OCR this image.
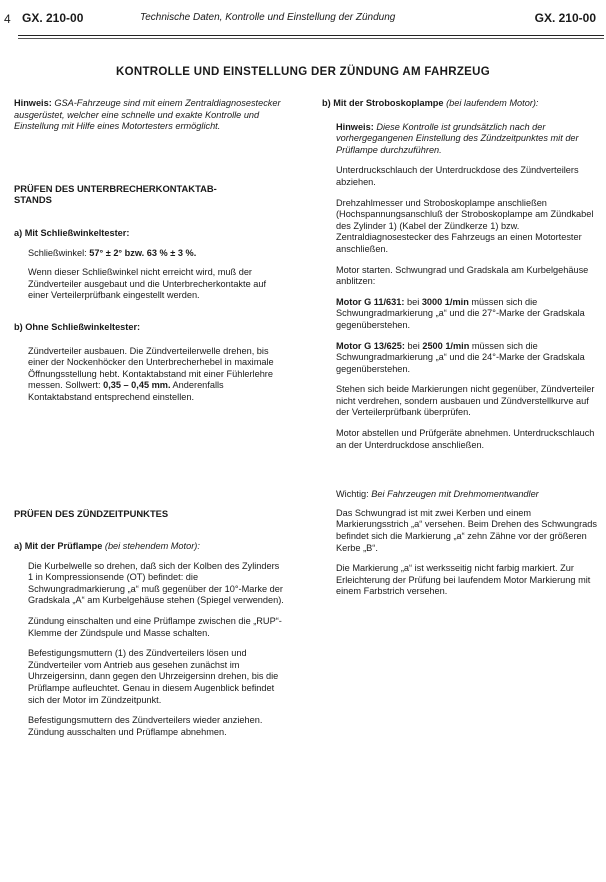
4 GX. 210-00	Technische Daten, Kontrolle und Einstellung der Zündung	GX. 210-00
KONTROLLE UND EINSTELLUNG DER ZÜNDUNG AM FAHRZEUG

Hinweis: GSA-Fahrzeuge sind mit einem Zentraldiagnosestecker ausgerüstet, welcher eine schnelle und exakte Kontrolle und Einstellung mit Hilfe eines Motortesters ermöglicht.

PRÜFEN DES UNTERBRECHERKONTAKTAB-
STANDS

a) Mit Schließwinkeltester:

Schließwinkel: 57° ± 2° bzw. 63 % ± 3 %.

Wenn dieser Schließwinkel nicht erreicht wird, muß der Zündverteiler ausgebaut und die Unterbrecherkontakte auf einer Verteilerprüfbank eingestellt werden.

b) Ohne Schließwinkeltester:

Zündverteiler ausbauen. Die Zündverteilerwelle drehen, bis einer der Nockenhöcker den Unterbrecherhebel in maximale Öffnungsstellung hebt. Kontaktabstand mit einer Fühlerlehre messen. Sollwert: 0,35 – 0,45 mm. Anderenfalls Kontaktabstand entsprechend einstellen.

PRÜFEN DES ZÜNDZEITPUNKTES

a) Mit der Prüflampe (bei stehendem Motor):

Die Kurbelwelle so drehen, daß sich der Kolben des Zylinders 1 in Kompressionsende (OT) befindet: die Schwungradmarkierung „a“ muß gegenüber der 10°-Marke der Gradskala „A“ am Kurbelgehäuse stehen (Spiegel verwenden).

Zündung einschalten und eine Prüflampe zwischen die „RUP“-Klemme der Zündspule und Masse schalten.

Befestigungsmuttern (1) des Zündverteilers lösen und Zündverteiler vom Antrieb aus gesehen zunächst im Uhrzeigersinn, dann gegen den Uhrzeigersinn drehen, bis die Prüflampe aufleuchtet. Genau in diesem Augenblick befindet sich der Motor im Zündzeitpunkt.

Befestigungsmuttern des Zündverteilers wieder anziehen. Zündung ausschalten und Prüflampe abnehmen.

b) Mit der Stroboskoplampe (bei laufendem Motor):

Hinweis: Diese Kontrolle ist grundsätzlich nach der vorhergegangenen Einstellung des Zündzeitpunktes mit der Prüflampe durchzuführen.

Unterdruckschlauch der Unterdruckdose des Zündverteilers abziehen.

Drehzahlmesser und Stroboskoplampe anschließen (Hochspannungsanschluß der Stroboskoplampe am Zündkabel des Zylinder 1) (Kabel der Zündkerze 1) bzw. Zentraldiagnosestecker des Fahrzeugs an einen Motortester anschließen.

Motor starten. Schwungrad und Gradskala am Kurbelgehäuse anblitzen:

Motor G 11/631: bei 3000 1/min müssen sich die Schwungradmarkierung „a“ und die 27°-Marke der Gradskala gegenüberstehen.

Motor G 13/625: bei 2500 1/min müssen sich die Schwungradmarkierung „a“ und die 24°-Marke der Gradskala gegenüberstehen.

Stehen sich beide Markierungen nicht gegenüber, Zündverteiler nicht verdrehen, sondern ausbauen und Zündverstellkurve auf der Verteilerprüfbank überprüfen.

Motor abstellen und Prüfgeräte abnehmen. Unterdruckschlauch an der Unterdruckdose anschließen.

Wichtig: Bei Fahrzeugen mit Drehmomentwandler

Das Schwungrad ist mit zwei Kerben und einem Markierungsstrich „a“ versehen. Beim Drehen des Schwungrads befindet sich die Markierung „a“ zehn Zähne vor der größeren Kerbe „B“.

Die Markierung „a“ ist werksseitig nicht farbig markiert. Zur Erleichterung der Prüfung bei laufendem Motor Markierung mit einem Farbstrich versehen.
